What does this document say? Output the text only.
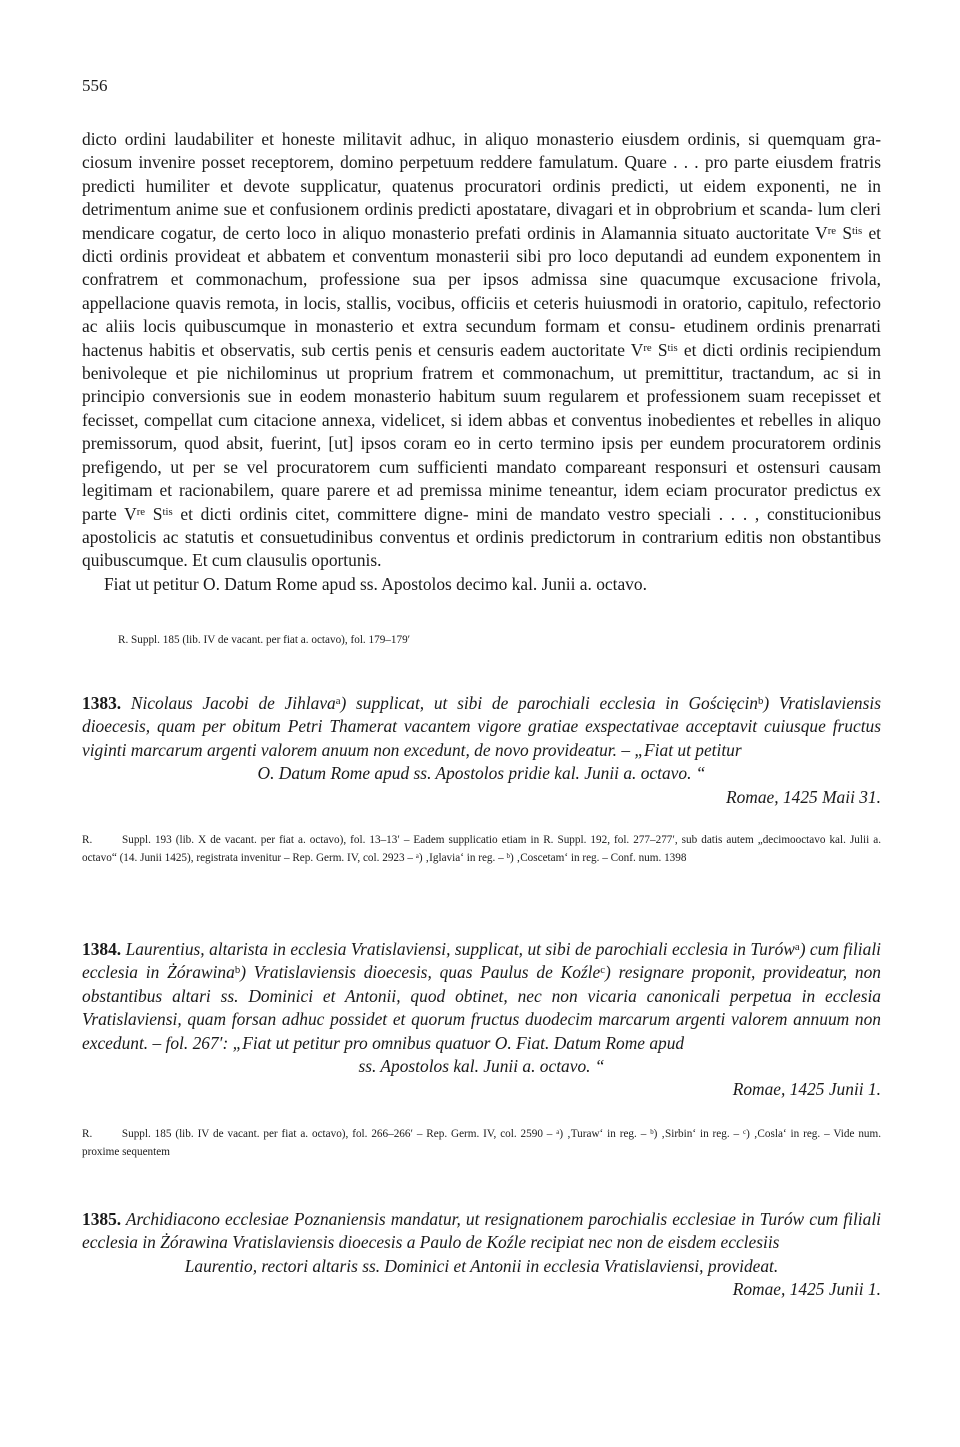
556

dicto ordini laudabiliter et honeste militavit adhuc, in aliquo monasterio eiusdem ordinis, si quemquam gra- ciosum invenire posset receptorem, domino perpetuum reddere famulatum. Quare . . . pro parte eiusdem fratris predicti humiliter et devote supplicatur, quatenus procuratori ordinis predicti, ut eidem exponenti, ne in detrimentum anime sue et confusionem ordinis predicti apostatare, divagari et in obprobrium et scanda- lum cleri mendicare cogatur, de certo loco in aliquo monasterio prefati ordinis in Alamannia situato auctoritate Vre $S^{tis}$ et dicti ordinis provideat et abbatem et conventum monasterii sibi pro loco deputandi ad eundem exponentem in confratrem et commonachum, professione sua per ipsos admissa sine quacumque excusacione frivola, appellacione quavis remota, in locis, stallis, vocibus, officiis et ceteris huiusmodi in oratorio, capitulo, refectorio ac aliis locis quibuscumque in monasterio et extra secundum formam et consu- etudinem ordinis prenarrati hactenus habitis et observatis, sub certis penis et censuris eadem auctoritate Vre $S^{tis}$ et dicti ordinis recipiendum benivoleque et pie nichilominus ut proprium fratrem et commonachum, ut premittitur, tractandum, ac si in principio conversionis sue in eodem monasterio habitum suum regularem et professionem suam recepisset et fecisset, compellat cum citacione annexa, videlicet, si idem abbas et conventus inobedientes et rebelles in aliquo premissorum, quod absit, fuerint, [ut] ipsos coram eo in certo termino ipsis per eundem procuratorem ordinis prefigendo, ut per se vel procuratorem cum sufficienti mandato compareant responsuri et ostensuri causam legitimam et racionabilem, quare parere et ad premissa minime teneantur, idem eciam procurator predictus ex parte Vre $S^{tis}$ et dicti ordinis citet, committere digne- mini de mandato vestro speciali . . . , constitucionibus apostolicis ac statutis et consuetudinibus conventus et ordinis predictorum in contrarium editis non obstantibus quibuscumque. Et cum clausulis oportunis.

Fiat ut petitur O. Datum Rome apud ss. Apostolos decimo kal. Junii a. octavo.

R. Suppl. 185 (lib. IV de vacant. per fiat a. octavo), fol. 179–179′
1383. Nicolaus Jacobi de Jihlava$^a$) supplicat, ut sibi de parochiali ecclesia in Gościęcin$^b$) Vratislaviensis dioecesis, quam per obitum Petri Thamerat vacantem vigore gratiae exspectativae acceptavit cuiusque fructus viginti marcarum argenti valorem anuum non excedunt, de novo provideatur. – „Fiat ut petitur
O. Datum Rome apud ss. Apostolos pridie kal. Junii a. octavo. “
Romae, 1425 Maii 31.
R. Suppl. 193 (lib. X de vacant. per fiat a. octavo), fol. 13–13′ – Eadem supplicatio etiam in R. Suppl. 192, fol. 277–277′, sub datis autem „decimooctavo kal. Julii a. octavo“ (14. Junii 1425), registrata invenitur – Rep. Germ. IV, col. 2923 – $^a$) ‚Iglavia‘ in reg. – $^b$) ‚Coscetam‘ in reg. – Conf. num. 1398
1384. Laurentius, altarista in ecclesia Vratislaviensi, supplicat, ut sibi de parochiali ecclesia in Turów$^a$) cum filiali ecclesia in Żórawina$^b$) Vratislaviensis dioecesis, quas Paulus de Koźle$^c$) resignare proponit, provideatur, non obstantibus altari ss. Dominici et Antonii, quod obtinet, nec non vicaria canonicali perpetua in ecclesia Vratislaviensi, quam forsan adhuc possidet et quorum fructus duodecim marcarum argenti valorem annuum non excedunt. – fol. 267′: „Fiat ut petitur pro omnibus quatuor O. Fiat. Datum Rome apud
ss. Apostolos kal. Junii a. octavo. “
Romae, 1425 Junii 1.
R. Suppl. 185 (lib. IV de vacant. per fiat a. octavo), fol. 266–266′ – Rep. Germ. IV, col. 2590 – $^a$) ‚Turaw‘ in reg. – $^b$) ‚Sirbin‘ in reg. – $^c$) ‚Cosla‘ in reg. – Vide num. proxime sequentem
1385. Archidiacono ecclesiae Poznaniensis mandatur, ut resignationem parochialis ecclesiae in Turów cum filiali ecclesia in Żórawina Vratislaviensis dioecesis a Paulo de Koźle recipiat nec non de eisdem ecclesiis
Laurentio, rectori altaris ss. Dominici et Antonii in ecclesia Vratislaviensi, provideat.
Romae, 1425 Junii 1.
